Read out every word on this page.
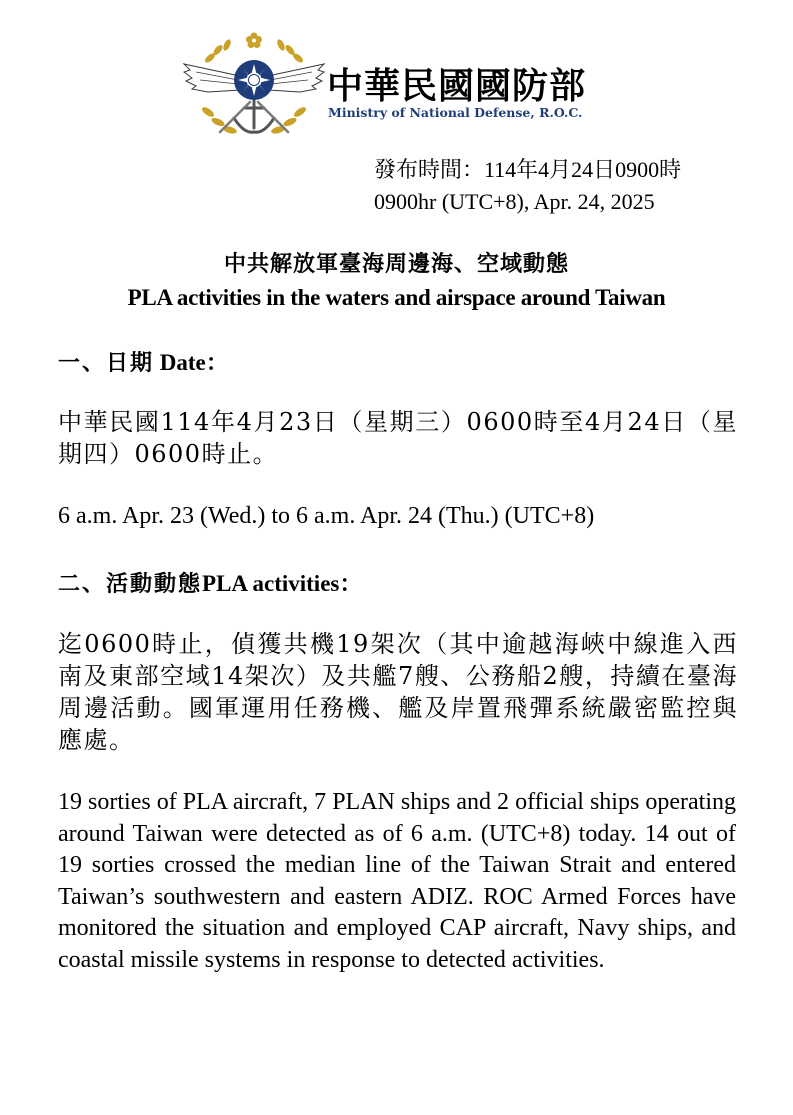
中華民國國防部
Ministry of National Defense, R.O.C.
發布時間：114年4月24日0900時
0900hr (UTC+8), Apr. 24, 2025
中共解放軍臺海周邊海、空域動態
PLA activities in the waters and airspace around Taiwan
一、日期 Date：
中華民國114年4月23日（星期三）0600時至4月24日（星期四）0600時止。
6 a.m. Apr. 23 (Wed.) to 6 a.m. Apr. 24 (Thu.) (UTC+8)
二、活動動態PLA activities：
迄0600時止，偵獲共機19架次（其中逾越海峽中線進入西南及東部空域14架次）及共艦7艘、公務船2艘，持續在臺海周邊活動。國軍運用任務機、艦及岸置飛彈系統嚴密監控與應處。
19 sorties of PLA aircraft, 7 PLAN ships and 2 official ships operating around Taiwan were detected as of 6 a.m. (UTC+8) today. 14 out of 19 sorties crossed the median line of the Taiwan Strait and entered Taiwan’s southwestern and eastern ADIZ. ROC Armed Forces have monitored the situation and employed CAP aircraft, Navy ships, and coastal missile systems in response to detected activities.
